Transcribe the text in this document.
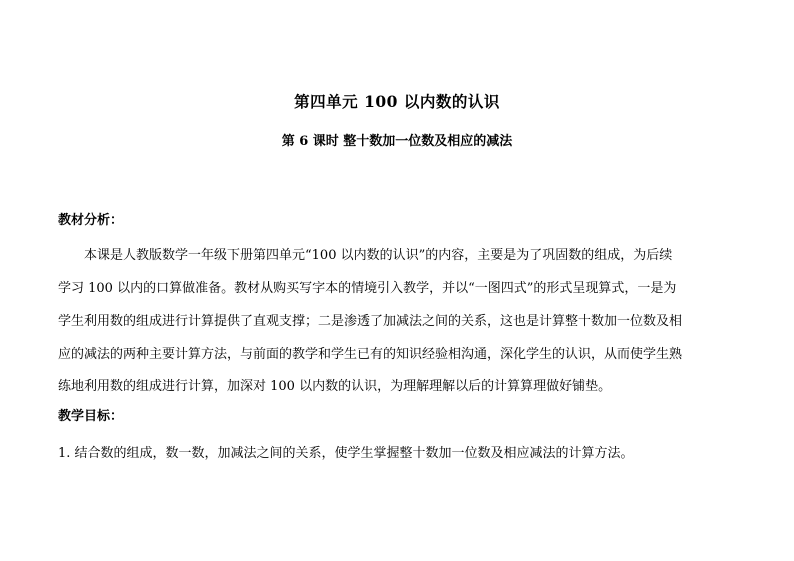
第四单元 100 以内数的认识
第 6 课时 整十数加一位数及相应的减法
教材分析：
本课是人教版数学一年级下册第四单元“100 以内数的认识”的内容，主要是为了巩固数的组成，为后续
学习 100 以内的口算做准备。教材从购买写字本的情境引入教学，并以“一图四式”的形式呈现算式，一是为
学生利用数的组成进行计算提供了直观支撑；二是渗透了加减法之间的关系，这也是计算整十数加一位数及相
应的减法的两种主要计算方法，与前面的教学和学生已有的知识经验相沟通，深化学生的认识，从而使学生熟
练地利用数的组成进行计算，加深对 100 以内数的认识，为理解理解以后的计算算理做好铺垫。
教学目标：
1. 结合数的组成，数一数，加减法之间的关系，使学生掌握整十数加一位数及相应减法的计算方法。
